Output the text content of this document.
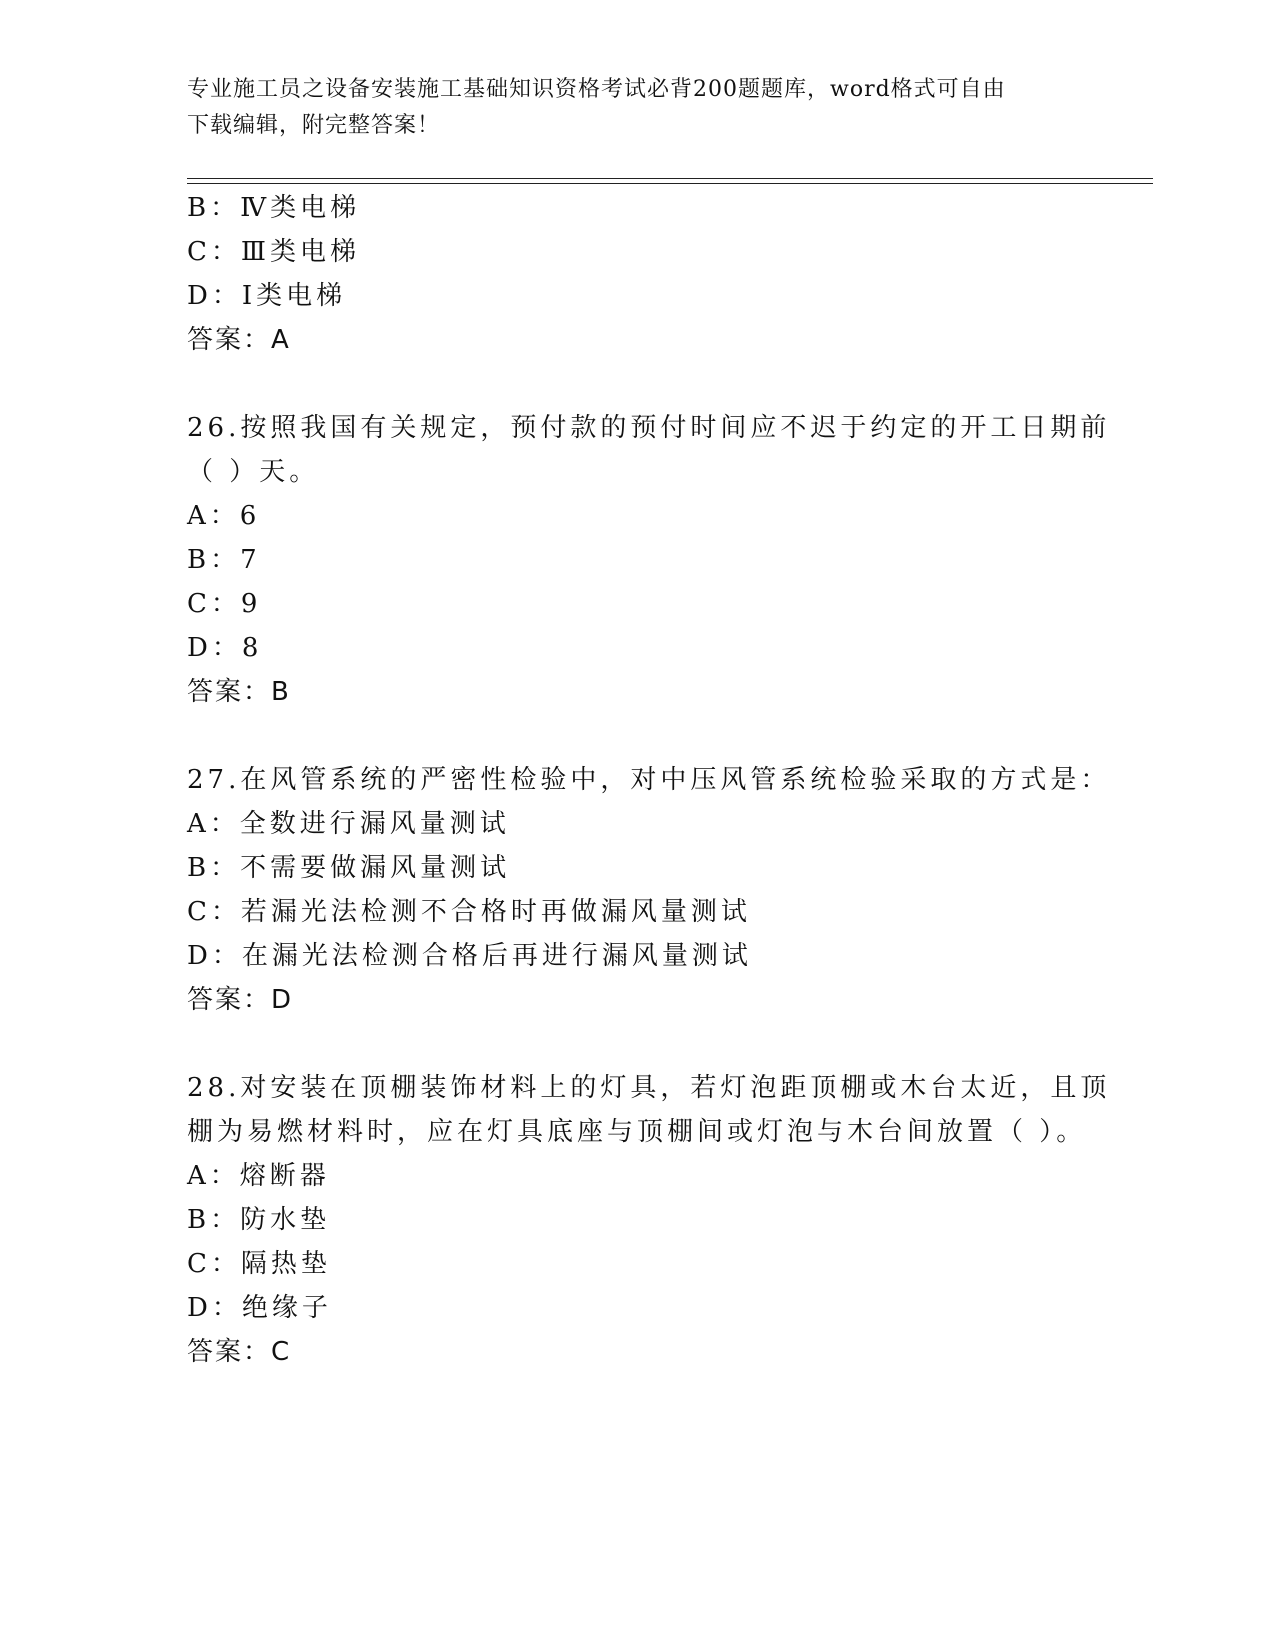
专业施工员之设备安装施工基础知识资格考试必背200题题库，word格式可自由
下载编辑，附完整答案！
B：Ⅳ类电梯
C：Ⅲ类电梯
D：Ⅰ类电梯
答案：A
26.按照我国有关规定，预付款的预付时间应不迟于约定的开工日期前
（ ）天。
A：6
B：7
C：9
D：8
答案：B
27.在风管系统的严密性检验中，对中压风管系统检验采取的方式是：
A：全数进行漏风量测试
B：不需要做漏风量测试
C：若漏光法检测不合格时再做漏风量测试
D：在漏光法检测合格后再进行漏风量测试
答案：D
28.对安装在顶棚装饰材料上的灯具，若灯泡距顶棚或木台太近，且顶
棚为易燃材料时，应在灯具底座与顶棚间或灯泡与木台间放置（ ）。
A：熔断器
B：防水垫
C：隔热垫
D：绝缘子
答案：C
